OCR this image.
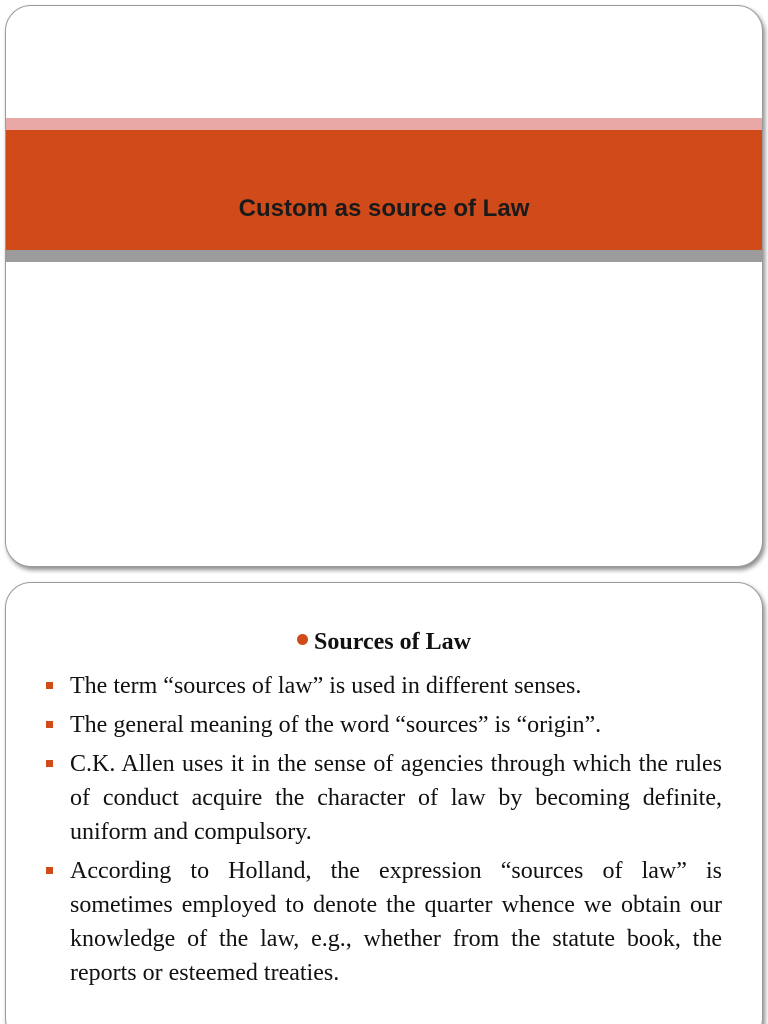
Custom as source of Law
Sources of Law
The term “sources of law” is used in different senses.
The general meaning of the word “sources” is “origin”.
C.K. Allen uses it in the sense of agencies through which the rules of conduct acquire the character of law by becoming definite, uniform and compulsory.
According to Holland, the expression “sources of law” is sometimes employed to denote the quarter whence we obtain our knowledge of the law, e.g., whether from the statute book, the reports or esteemed treaties.
